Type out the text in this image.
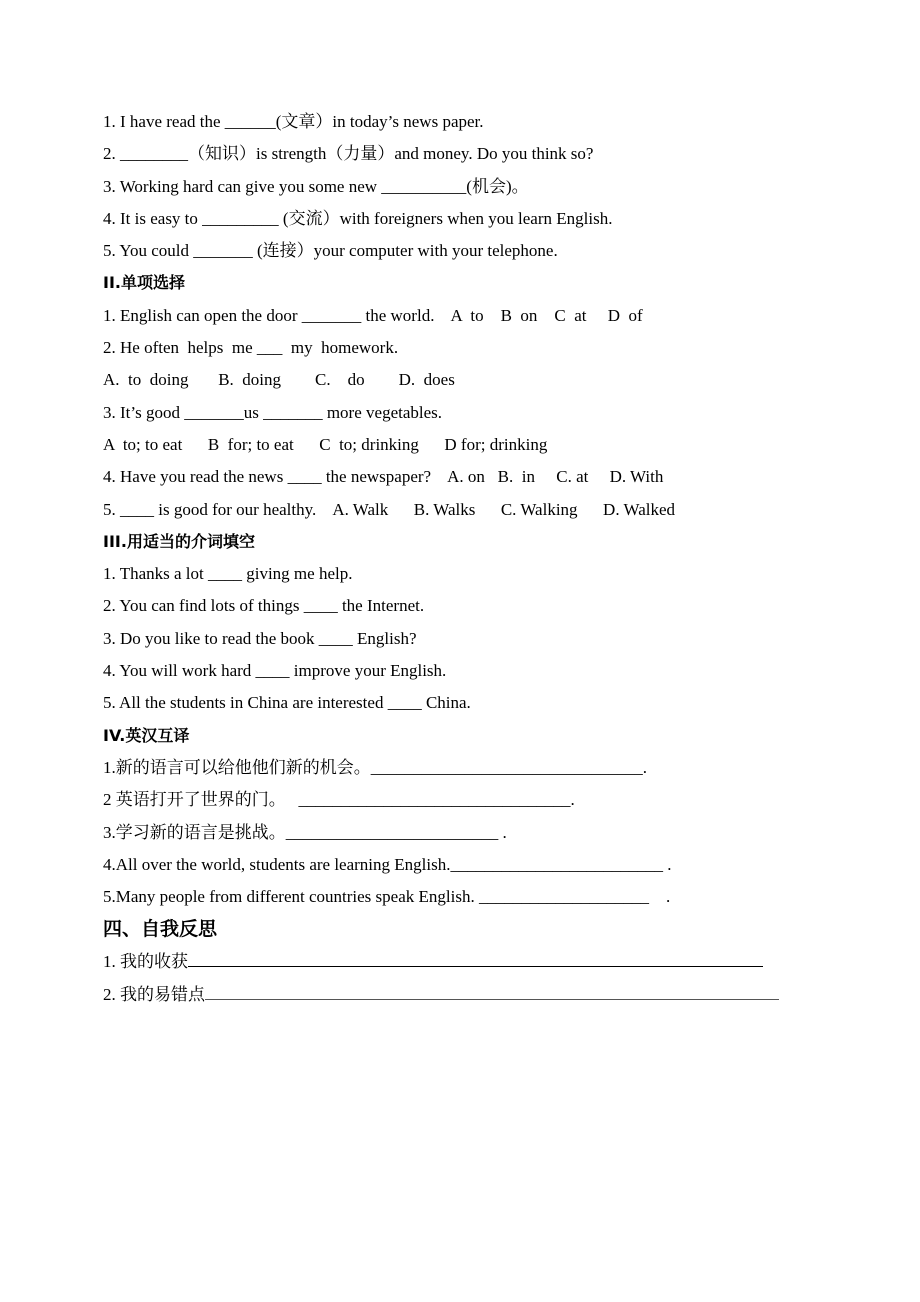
1. I have read the ______(文章）in today’s news paper.
2. ________（知识）is strength（力量）and money. Do you think so?
3. Working hard can give you some new __________(机会)。
4. It is easy to _________ (交流）with foreigners when you learn English.
5. You could _______ (连接）your computer with your telephone.
II.单项选择
1. English can open the door _______ the world.    A  to    B  on    C  at     D  of
2. He often  helps  me ___  my  homework.
A.  to  doing       B.  doing        C.    do        D.  does
3. It’s good _______us _______ more vegetables.
A  to; to eat      B  for; to eat      C  to; drinking      D for; drinking
4. Have you read the news ____ the newspaper?    A. on   B.  in     C. at     D. With
5. ____ is good for our healthy.    A. Walk      B. Walks      C. Walking      D. Walked
III.用适当的介词填空
1. Thanks a lot ____ giving me help.
2. You can find lots of things ____ the Internet.
3. Do you like to read the book ____ English?
4. You will work hard ____ improve your English.
5. All the students in China are interested ____ China.
IV.英汉互译
1.新的语言可以给他他们新的机会。________________________________.
2 英语打开了世界的门。   ________________________________.
3.学习新的语言是挑战。_________________________ .
4.All over the world, students are learning English._________________________ .
5.Many people from different countries speak English. ____________________    .
四、自我反思
1. 我的收获
2. 我的易错点
